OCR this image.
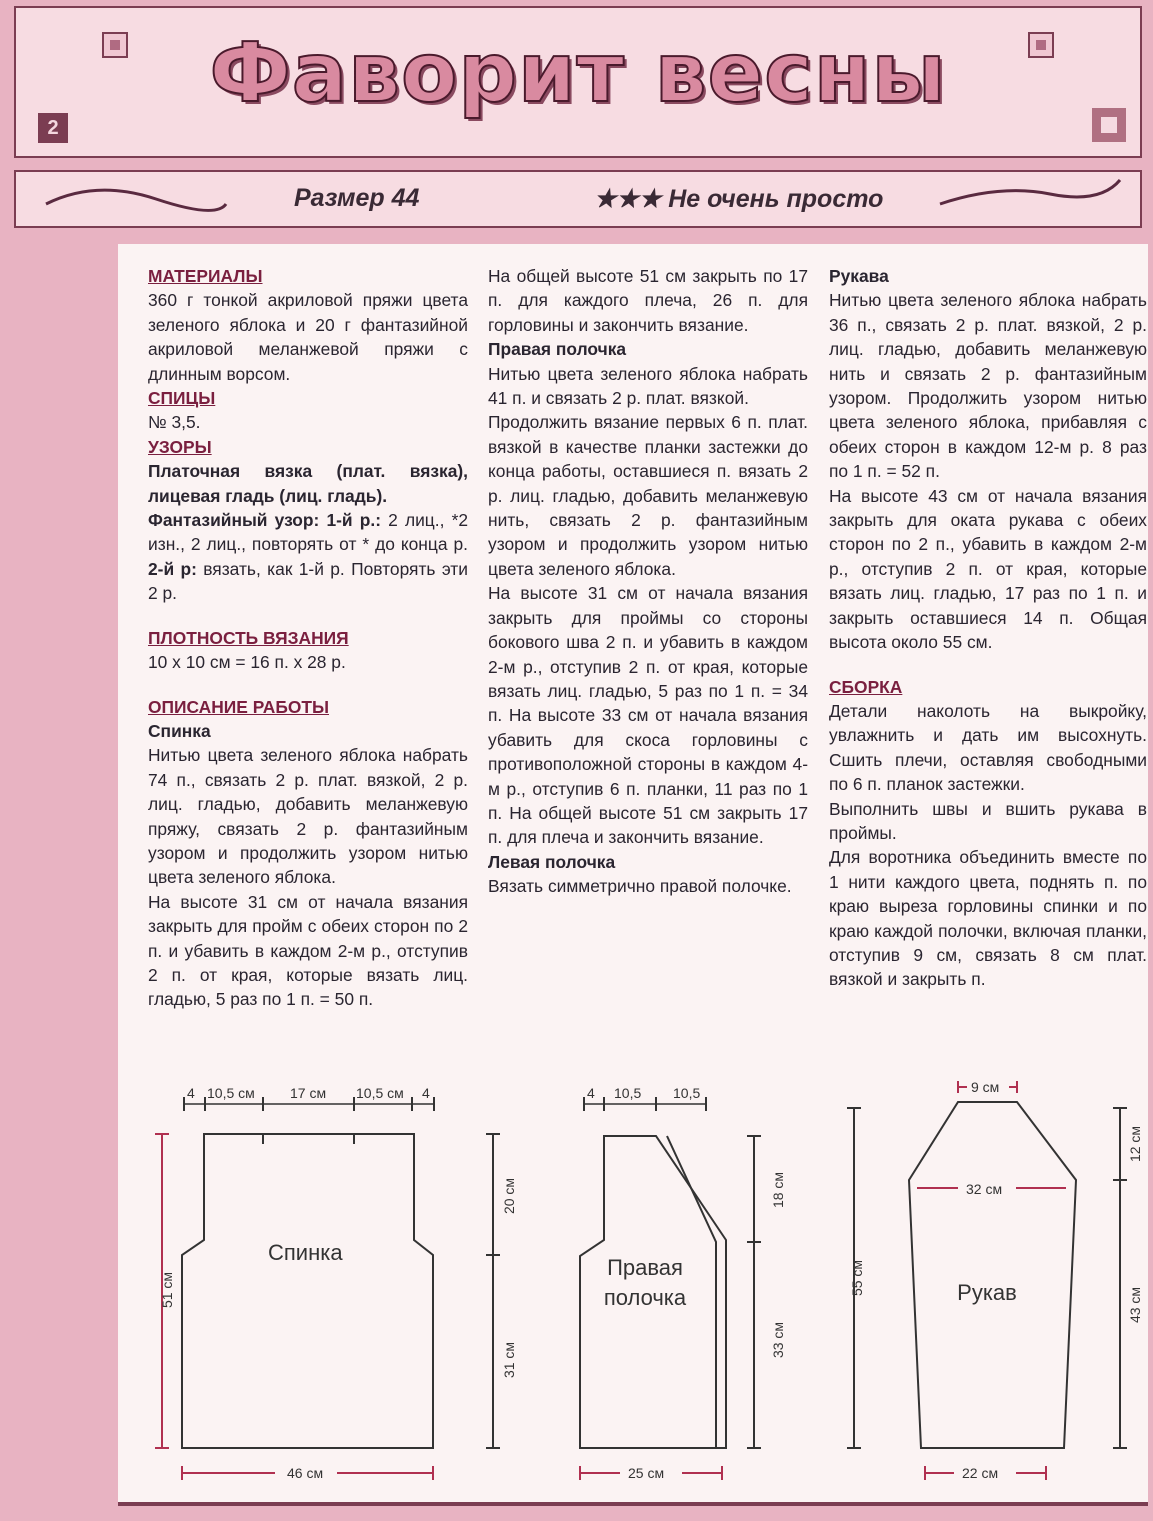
Фаворит весны
2
Размер 44	★★★ Не очень просто

МАТЕРИАЛЫ

360 г тонкой акриловой пряжи цвета зеленого яблока и 20 г фантазийной акриловой меланжевой пряжи с длинным ворсом.

СПИЦЫ

№ 3,5.

УЗОРЫ

Платочная вязка (плат. вязка), лицевая гладь (лиц. гладь).

Фантазийный узор: 1-й р.: 2 лиц., *2 изн., 2 лиц., повторять от * до конца р. 2-й р: вязать, как 1-й р. Повторять эти 2 р.

ПЛОТНОСТЬ ВЯЗАНИЯ

10 х 10 см = 16 п. х 28 р.

ОПИСАНИЕ РАБОТЫ

Спинка

Нитью цвета зеленого яблока набрать 74 п., связать 2 р. плат. вязкой, 2 р. лиц. гладью, добавить меланжевую пряжу, связать 2 р. фантазийным узором и продолжить узором нитью цвета зеленого яблока.

На высоте 31 см от начала вязания закрыть для пройм с обеих сторон по 2 п. и убавить в каждом 2-м р., отступив 2 п. от края, которые вязать лиц. гладью, 5 раз по 1 п. = 50 п.

На общей высоте 51 см закрыть по 17 п. для каждого плеча, 26 п. для горловины и закончить вязание.

Правая полочка

Нитью цвета зеленого яблока набрать 41 п. и связать 2 р. плат. вязкой.

Продолжить вязание первых 6 п. плат. вязкой в качестве планки застежки до конца работы, оставшиеся п. вязать 2 р. лиц. гладью, добавить меланжевую нить, связать 2 р. фантазийным узором и продолжить узором нитью цвета зеленого яблока.

На высоте 31 см от начала вязания закрыть для проймы со стороны бокового шва 2 п. и убавить в каждом 2-м р., отступив 2 п. от края, которые вязать лиц. гладью, 5 раз по 1 п. = 34 п. На высоте 33 см от начала вязания убавить для скоса горловины с противоположной стороны в каждом 4-м р., отступив 6 п. планки, 11 раз по 1 п. На общей высоте 51 см закрыть 17 п. для плеча и закончить вязание.

Левая полочка

Вязать симметрично правой полочке.

Рукава

Нитью цвета зеленого яблока набрать 36 п., связать 2 р. плат. вязкой, 2 р. лиц. гладью, добавить меланжевую нить и связать 2 р. фантазийным узором. Продолжить узором нитью цвета зеленого яблока, прибавляя с обеих сторон в каждом 12-м р. 8 раз по 1 п. = 52 п.

На высоте 43 см от начала вязания закрыть для оката рукава с обеих сторон по 2 п., убавить в каждом 2-м р., отступив 2 п. от края, которые вязать лиц. гладью, 17 раз по 1 п. и закрыть оставшиеся 14 п. Общая высота около 55 см.

СБОРКА

Детали наколоть на выкройку, увлажнить и дать им высохнуть. Сшить плечи, оставляя свободными по 6 п. планок застежки.

Выполнить швы и вшить рукава в проймы.

Для воротника объединить вместе по 1 нити каждого цвета, поднять п. по краю выреза горловины спинки и по краю каждой полочки, включая планки, отступив 9 см, связать 8 см плат. вязкой и закрыть п.

4 10,5 см	17 см 10,5 см 4
46 см
Спинка
51 см
20 см
31 см
4 10,5 10,5
25 см
Правая
полочка
18 см
33 см
9 см
32 см
22 см
Рукав
55 см
12 см
43 см
